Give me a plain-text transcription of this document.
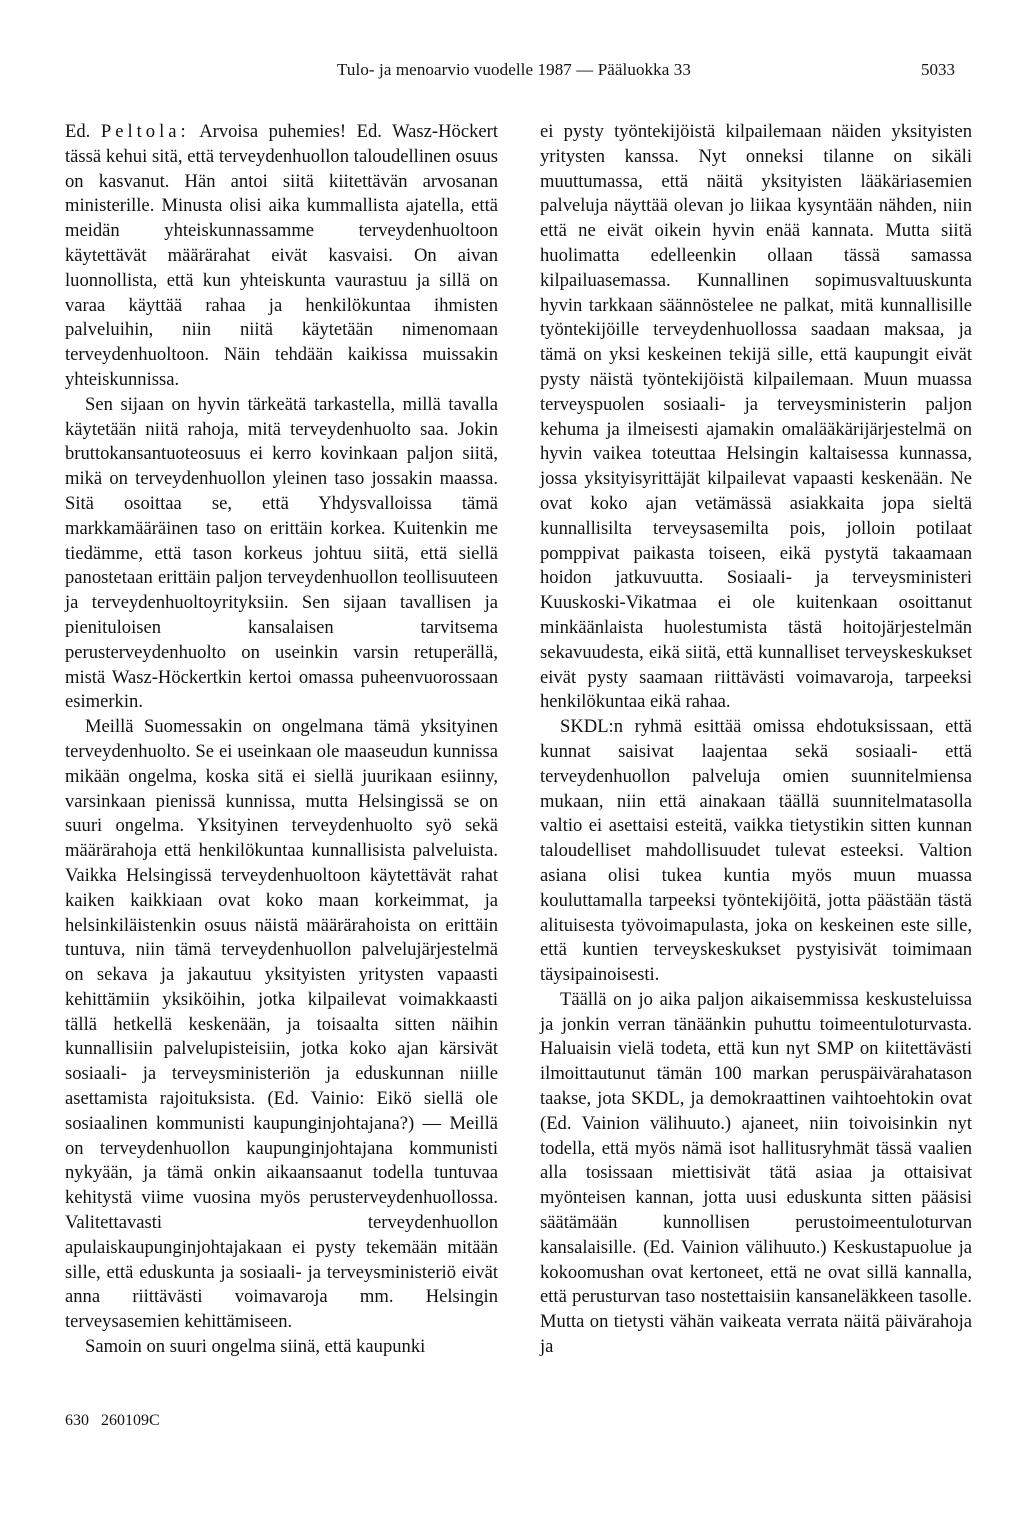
Tulo- ja menoarvio vuodelle 1987 — Pääluokka 33	5033

Ed. Peltola: Arvoisa puhemies! Ed. Wasz-Höckert tässä kehui sitä, että terveydenhuollon taloudellinen osuus on kasvanut. Hän antoi siitä kiitettävän arvosanan ministerille. Minusta olisi aika kummallista ajatella, että meidän yhteiskunnassamme terveydenhuoltoon käytettävät määrärahat eivät kasvaisi. On aivan luonnollista, että kun yhteiskunta vaurastuu ja sillä on varaa käyttää rahaa ja henkilökuntaa ihmisten palveluihin, niin niitä käytetään nimenomaan terveydenhuoltoon. Näin tehdään kaikissa muissakin yhteiskunnissa.

Sen sijaan on hyvin tärkeätä tarkastella, millä tavalla käytetään niitä rahoja, mitä terveydenhuolto saa. Jokin bruttokansantuoteosuus ei kerro kovinkaan paljon siitä, mikä on terveydenhuollon yleinen taso jossakin maassa. Sitä osoittaa se, että Yhdysvalloissa tämä markkamääräinen taso on erittäin korkea. Kuitenkin me tiedämme, että tason korkeus johtuu siitä, että siellä panostetaan erittäin paljon terveydenhuollon teollisuuteen ja terveydenhuoltoyrityksiin. Sen sijaan tavallisen ja pienituloisen kansalaisen tarvitsema perusterveydenhuolto on useinkin varsin retuperällä, mistä Wasz-Höckertkin kertoi omassa puheenvuorossaan esimerkin.

Meillä Suomessakin on ongelmana tämä yksityinen terveydenhuolto. Se ei useinkaan ole maaseudun kunnissa mikään ongelma, koska sitä ei siellä juurikaan esiinny, varsinkaan pienissä kunnissa, mutta Helsingissä se on suuri ongelma. Yksityinen terveydenhuolto syö sekä määrärahoja että henkilökuntaa kunnallisista palveluista. Vaikka Helsingissä terveydenhuoltoon käytettävät rahat kaiken kaikkiaan ovat koko maan korkeimmat, ja helsinkiläistenkin osuus näistä määrärahoista on erittäin tuntuva, niin tämä terveydenhuollon palvelujärjestelmä on sekava ja jakautuu yksityisten yritysten vapaasti kehittämiin yksiköihin, jotka kilpailevat voimakkaasti tällä hetkellä keskenään, ja toisaalta sitten näihin kunnallisiin palvelupisteisiin, jotka koko ajan kärsivät sosiaali- ja terveysministeriön ja eduskunnan niille asettamista rajoituksista. (Ed. Vainio: Eikö siellä ole sosiaalinen kommunisti kaupunginjohtajana?) — Meillä on terveydenhuollon kaupunginjohtajana kommunisti nykyään, ja tämä onkin aikaansaanut todella tuntuvaa kehitystä viime vuosina myös perusterveydenhuollossa. Valitettavasti terveydenhuollon apulaiskaupunginjohtajakaan ei pysty tekemään mitään sille, että eduskunta ja sosiaali- ja terveysministeriö eivät anna riittävästi voimavaroja mm. Helsingin terveysasemien kehittämiseen.

Samoin on suuri ongelma siinä, että kaupunki

ei pysty työntekijöistä kilpailemaan näiden yksityisten yritysten kanssa. Nyt onneksi tilanne on sikäli muuttumassa, että näitä yksityisten lääkäriasemien palveluja näyttää olevan jo liikaa kysyntään nähden, niin että ne eivät oikein hyvin enää kannata. Mutta siitä huolimatta edelleenkin ollaan tässä samassa kilpailuasemassa. Kunnallinen sopimusvaltuuskunta hyvin tarkkaan säännöstelee ne palkat, mitä kunnallisille työntekijöille terveydenhuollossa saadaan maksaa, ja tämä on yksi keskeinen tekijä sille, että kaupungit eivät pysty näistä työntekijöistä kilpailemaan. Muun muassa terveyspuolen sosiaali- ja terveysministerin paljon kehuma ja ilmeisesti ajamakin omalääkärijärjestelmä on hyvin vaikea toteuttaa Helsingin kaltaisessa kunnassa, jossa yksityisyrittäjät kilpailevat vapaasti keskenään. Ne ovat koko ajan vetämässä asiakkaita jopa sieltä kunnallisilta terveysasemilta pois, jolloin potilaat pomppivat paikasta toiseen, eikä pystytä takaamaan hoidon jatkuvuutta. Sosiaali- ja terveysministeri Kuuskoski-Vikatmaa ei ole kuitenkaan osoittanut minkäänlaista huolestumista tästä hoitojärjestelmän sekavuudesta, eikä siitä, että kunnalliset terveyskeskukset eivät pysty saamaan riittävästi voimavaroja, tarpeeksi henkilökuntaa eikä rahaa.

SKDL:n ryhmä esittää omissa ehdotuksissaan, että kunnat saisivat laajentaa sekä sosiaali- että terveydenhuollon palveluja omien suunnitelmiensa mukaan, niin että ainakaan täällä suunnitelmatasolla valtio ei asettaisi esteitä, vaikka tietystikin sitten kunnan taloudelliset mahdollisuudet tulevat esteeksi. Valtion asiana olisi tukea kuntia myös muun muassa kouluttamalla tarpeeksi työntekijöitä, jotta päästään tästä alituisesta työvoimapulasta, joka on keskeinen este sille, että kuntien terveyskeskukset pystyisivät toimimaan täysipainoisesti.

Täällä on jo aika paljon aikaisemmissa keskusteluissa ja jonkin verran tänäänkin puhuttu toimeentuloturvasta. Haluaisin vielä todeta, että kun nyt SMP on kiitettävästi ilmoittautunut tämän 100 markan peruspäivärahatason taakse, jota SKDL, ja demokraattinen vaihtoehtokin ovat (Ed. Vainion välihuuto.) ajaneet, niin toivoisinkin nyt todella, että myös nämä isot hallitusryhmät tässä vaalien alla tosissaan miettisivät tätä asiaa ja ottaisivat myönteisen kannan, jotta uusi eduskunta sitten pääsisi säätämään kunnollisen perustoimeentuloturvan kansalaisille. (Ed. Vainion välihuuto.) Keskustapuolue ja kokoomushan ovat kertoneet, että ne ovat sillä kannalla, että perusturvan taso nostettaisiin kansaneläkkeen tasolle. Mutta on tietysti vähän vaikeata verrata näitä päivärahoja ja

630   260109C
